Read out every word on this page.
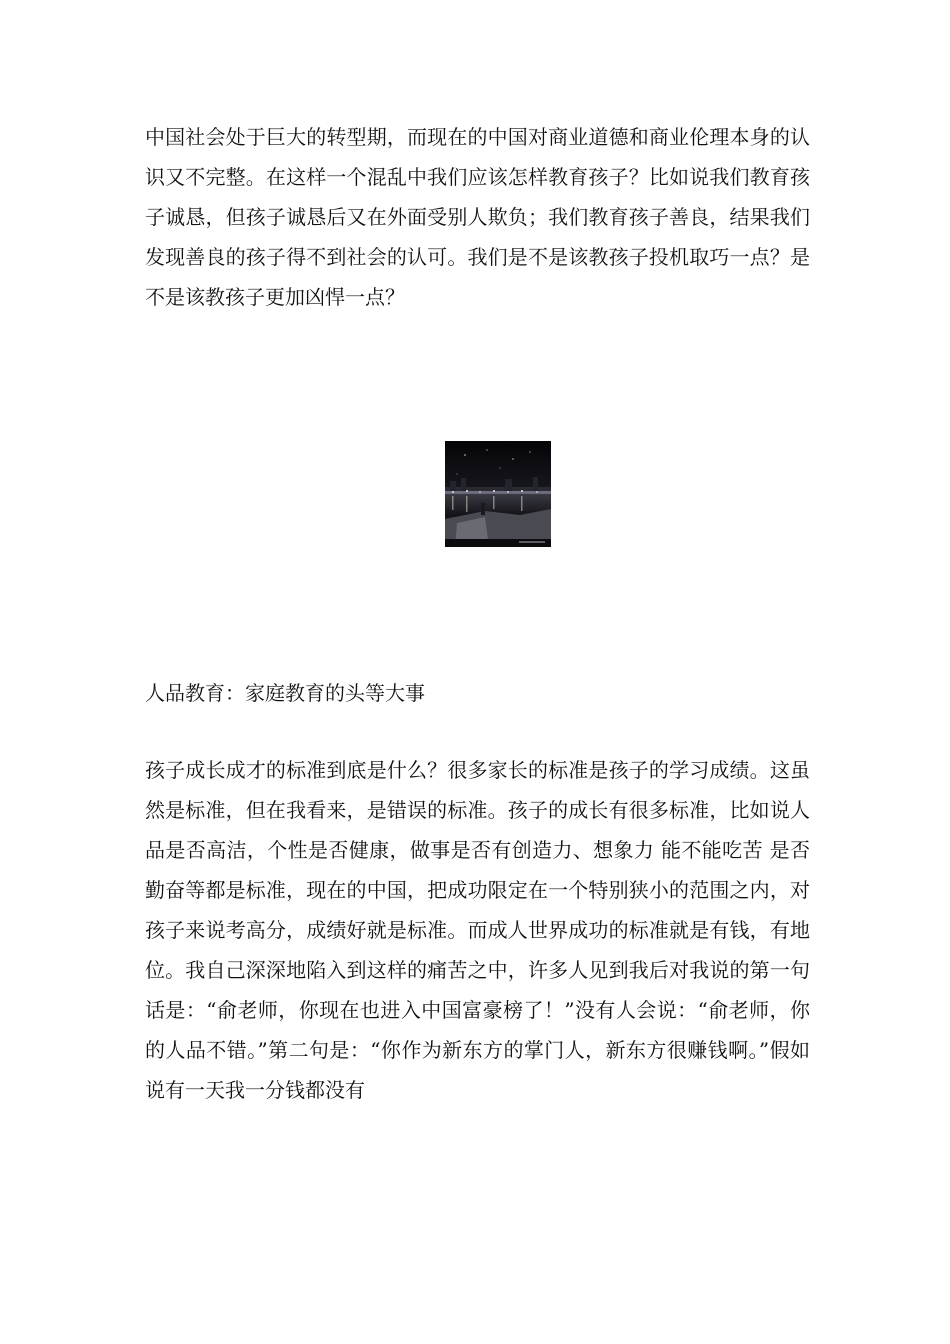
中国社会处于巨大的转型期，而现在的中国对商业道德和商业伦理本身的认识又不完整。在这样一个混乱中我们应该怎样教育孩子？比如说我们教育孩子诚恳，但孩子诚恳后又在外面受别人欺负；我们教育孩子善良，结果我们发现善良的孩子得不到社会的认可。我们是不是该教孩子投机取巧一点？是不是该教孩子更加凶悍一点？

人品教育：家庭教育的头等大事

孩子成长成才的标准到底是什么？很多家长的标准是孩子的学习成绩。这虽然是标准，但在我看来，是错误的标准。孩子的成长有很多标准，比如说人品是否高洁，个性是否健康，做事是否有创造力、想象力 能不能吃苦 是否勤奋等都是标准，现在的中国，把成功限定在一个特别狭小的范围之内，对孩子来说考高分，成绩好就是标准。而成人世界成功的标准就是有钱，有地位。我自己深深地陷入到这样的痛苦之中，许多人见到我后对我说的第一句话是：“俞老师，你现在也进入中国富豪榜了！”没有人会说：“俞老师，你的人品不错。”第二句是：“你作为新东方的掌门人，新东方很赚钱啊。”假如说有一天我一分钱都没有
